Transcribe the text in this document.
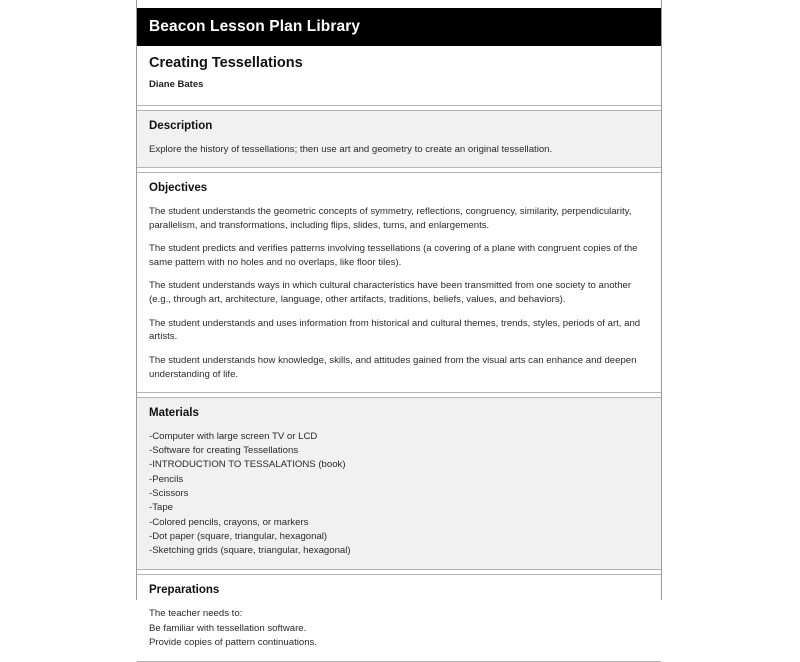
Beacon Lesson Plan Library
Creating Tessellations
Diane Bates
Description

Explore the history of tessellations; then use art and geometry to create an original tessellation.

Objectives

The student understands the geometric concepts of symmetry, reflections, congruency, similarity, perpendicularity, parallelism, and transformations, including flips, slides, turns, and enlargements.

The student predicts and verifies patterns involving tessellations (a covering of a plane with congruent copies of the same pattern with no holes and no overlaps, like floor tiles).

The student understands ways in which cultural characteristics have been transmitted from one society to another (e.g., through art, architecture, language, other artifacts, traditions, beliefs, values, and behaviors).

The student understands and uses information from historical and cultural themes, trends, styles, periods of art, and artists.

The student understands how knowledge, skills, and attitudes gained from the visual arts can enhance and deepen understanding of life.

Materials
-Computer with large screen TV or LCD
-Software for creating Tessellations
-INTRODUCTION TO TESSALATIONS (book)
-Pencils
-Scissors
-Tape
-Colored pencils, crayons, or markers
-Dot paper (square, triangular, hexagonal)
-Sketching grids (square, triangular, hexagonal)
Preparations
The teacher needs to:
Be familiar with tessellation software.
Provide copies of pattern continuations.
